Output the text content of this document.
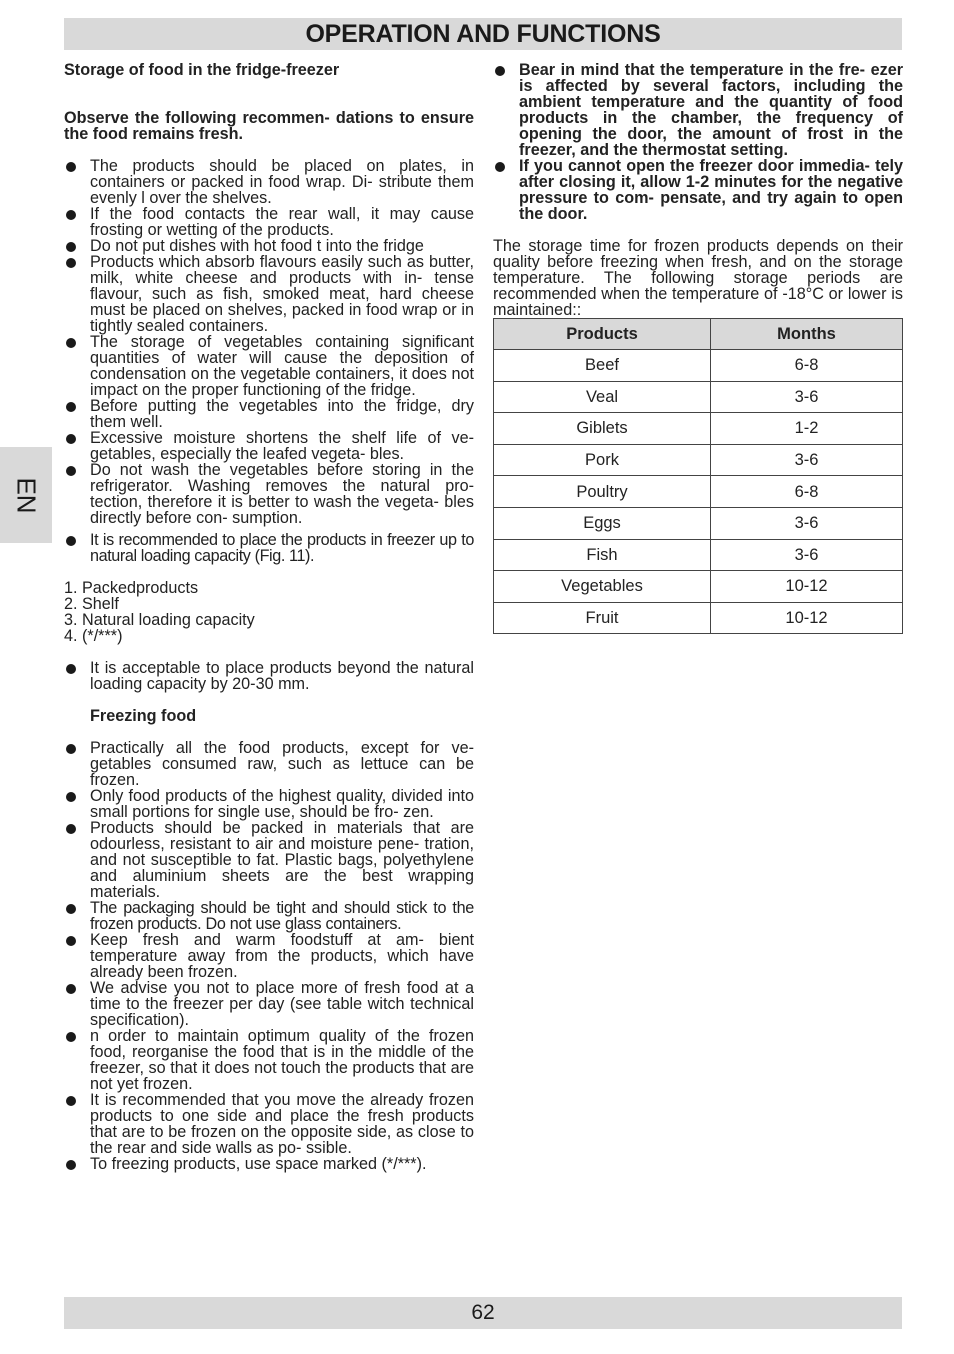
OPERATION AND FUNCTIONS
EN
Storage of food in the fridge-freezer
Observe the following recommen- dations to ensure the food remains fresh.
The products should be placed on plates, in containers or packed in food wrap. Di- stribute them evenly l over the shelves.
If the food contacts the rear wall, it may cause frosting or wetting of the products.
Do not put dishes with hot food t into the fridge
Products which absorb flavours easily such as butter, milk, white cheese and products with in- tense flavour, such as fish, smoked meat, hard cheese must be placed on shelves, packed in food wrap or in tightly sealed containers.
The storage of vegetables containing significant quantities of water will cause the deposition of condensation on the vegetable containers, it does not impact on the proper functioning of the fridge.
Before putting the vegetables into the fridge, dry them well.
Excessive moisture shortens the shelf life of ve- getables, especially the leafed vegeta- bles.
Do not wash the vegetables before storing in the refrigerator. Washing removes the natural pro- tection, therefore it is better to wash the vegeta- bles directly before con- sumption.
It is recommended to place the products in freezer up to natural loading capacity (Fig. 11).
1. Packedproducts
2. Shelf
3. Natural loading capacity
4. (*/***)
It is acceptable to place products beyond the natural loading capacity by 20-30 mm.
Freezing food
Practically all the food products, except for ve- getables consumed raw, such as lettuce can be frozen.
Only food products of the highest quality, divided into small portions for single use, should be fro- zen.
Products should be packed in materials that are odourless, resistant to air and moisture pene- tration, and not susceptible to fat. Plastic bags, polyethylene and aluminium sheets are the best wrapping materials.
The packaging should be tight and should stick to the frozen products. Do not use glass containers.
Keep fresh and warm foodstuff at am- bient temperature away from the products, which have already been frozen.
We advise you not to place more of fresh food at a time to the freezer per day (see table witch technical specification).
n order to maintain optimum quality of the frozen food, reorganise the food that is in the middle of the freezer, so that it does not touch the products that are not yet frozen.
It is recommended that you move the already frozen products to one side and place the fresh products that are to be frozen on the opposite side, as close to the rear and side walls as po- ssible.
To freezing products, use space marked (*/***).
Bear in mind that the temperature in the fre- ezer is affected by several factors, including the ambient temperature and the quantity of food products in the chamber, the frequency of opening the door, the amount of frost in the freezer, and the thermostat setting.
If you cannot open the freezer door immedia- tely after closing it, allow 1-2 minutes for the negative pressure to com- pensate, and try again to open the door.
The storage time for frozen products depends on their quality before freezing when fresh, and on the storage temperature. The following storage periods are recommended when the temperature of -18°C or lower is maintained::
Products	Months
Beef	6-8
Veal	3-6
Giblets	1-2
Pork	3-6
Poultry	6-8
Eggs	3-6
Fish	3-6
Vegetables	10-12
Fruit	10-12
62
